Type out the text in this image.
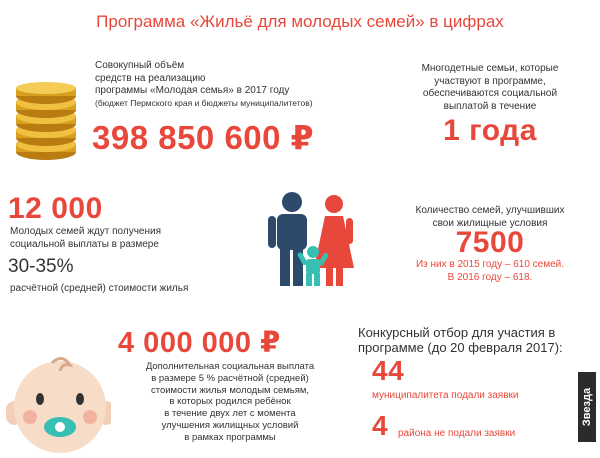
Программа «Жильё для молодых семей» в цифрах
Совокупный объём
средств на реализацию
программы «Молодая семья» в 2017 году
(бюджет Пермского края и бюджеты муниципалитетов)
398 850 600 ₽
Многодетные семьи, которые
участвуют в программе,
обеспечиваются социальной
выплатой в течение
1 года
12 000
Молодых семей ждут получения
социальной выплаты в размере
30-35%
расчётной (средней) стоимости жилья
Количество семей, улучшивших
свои жилищные условия
7500
Из них в 2015 году – 610 семей.
В 2016 году – 618.
4 000 000 ₽
Дополнительная социальная выплата
в размере 5 % расчётной (средней)
стоимости жилья молодым семьям,
в которых родился ребёнок
в течение двух лет с момента
улучшения жилищных условий
в рамках программы
Конкурсный отбор для участия в
программе (до 20 февраля 2017):
44
муниципалитета подали заявки
4 района не подали заявки
Звезда
